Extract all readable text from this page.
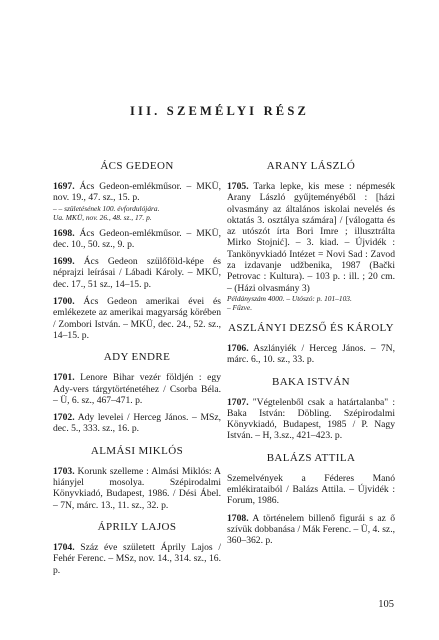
III. SZEMÉLYI RÉSZ
ÁCS GEDEON
1697. Ács Gedeon-emlékműsor. – MKÜ, nov. 19., 47. sz., 15. p.
– – születésének 100. évfordulójára.
Ua. MKÜ, nov. 26., 48. sz., 17. p.
1698. Ács Gedeon-emlékműsor. – MKÜ, dec. 10., 50. sz., 9. p.
1699. Ács Gedeon szülőföld-képe és néprajzi leírásai / Lábadi Károly. – MKÜ, dec. 17., 51 sz., 14–15. p.
1700. Ács Gedeon amerikai évei és emlékezete az amerikai magyarság körében / Zombori István. – MKÜ, dec. 24., 52. sz., 14–15. p.
ADY ENDRE
1701. Lenore Bihar vezér földjén : egy Ady-vers tárgytörténetéhez / Csorba Béla. – Ü, 6. sz., 467–471. p.
1702. Ady levelei / Herceg János. – MSz, dec. 5., 333. sz., 16. p.
ALMÁSI MIKLÓS
1703. Korunk szelleme : Almási Miklós: A hiányjel mosolya. Szépirodalmi Könyvkiadó, Budapest, 1986. / Dési Ábel. – 7N, márc. 13., 11. sz., 32. p.
ÁPRILY LAJOS
1704. Száz éve született Áprily Lajos / Fehér Ferenc. – MSz, nov. 14., 314. sz., 16. p.
ARANY LÁSZLÓ
1705. Tarka lepke, kis mese : népmesék Arany László gyűjteményéből : [házi olvasmány az általános iskolai nevelés és oktatás 3. osztálya számára] / [válogatta és az utószót írta Bori Imre ; illusztrálta Mirko Stojnić]. – 3. kiad. – Újvidék : Tankönyvkiadó Intézet = Novi Sad : Zavod za izdavanje udžbenika, 1987 (Bački Petrovac : Kultura). – 103 p. : ill. ; 20 cm. – (Házi olvasmány 3)
Példányszám 4000. – Utószó: p. 101–103.
– Fűzve.
ASZLÁNYI DEZSŐ ÉS KÁROLY
1706. Aszlányiék / Herceg János. – 7N, márc. 6., 10. sz., 33. p.
BAKA ISTVÁN
1707. "Végtelenből csak a határtalanba" : Baka István: Döbling. Szépirodalmi Könyvkiadó, Budapest, 1985 / P. Nagy István. – H, 3.sz., 421–423. p.
BALÁZS ATTILA
Szemelvények a Féderes Manó emlékirataiból / Balázs Attila. – Újvidék : Forum, 1986.
1708. A történelem billenő figurái s az ő szívük dobbanása / Mák Ferenc. – Ü, 4. sz., 360–362. p.
105
